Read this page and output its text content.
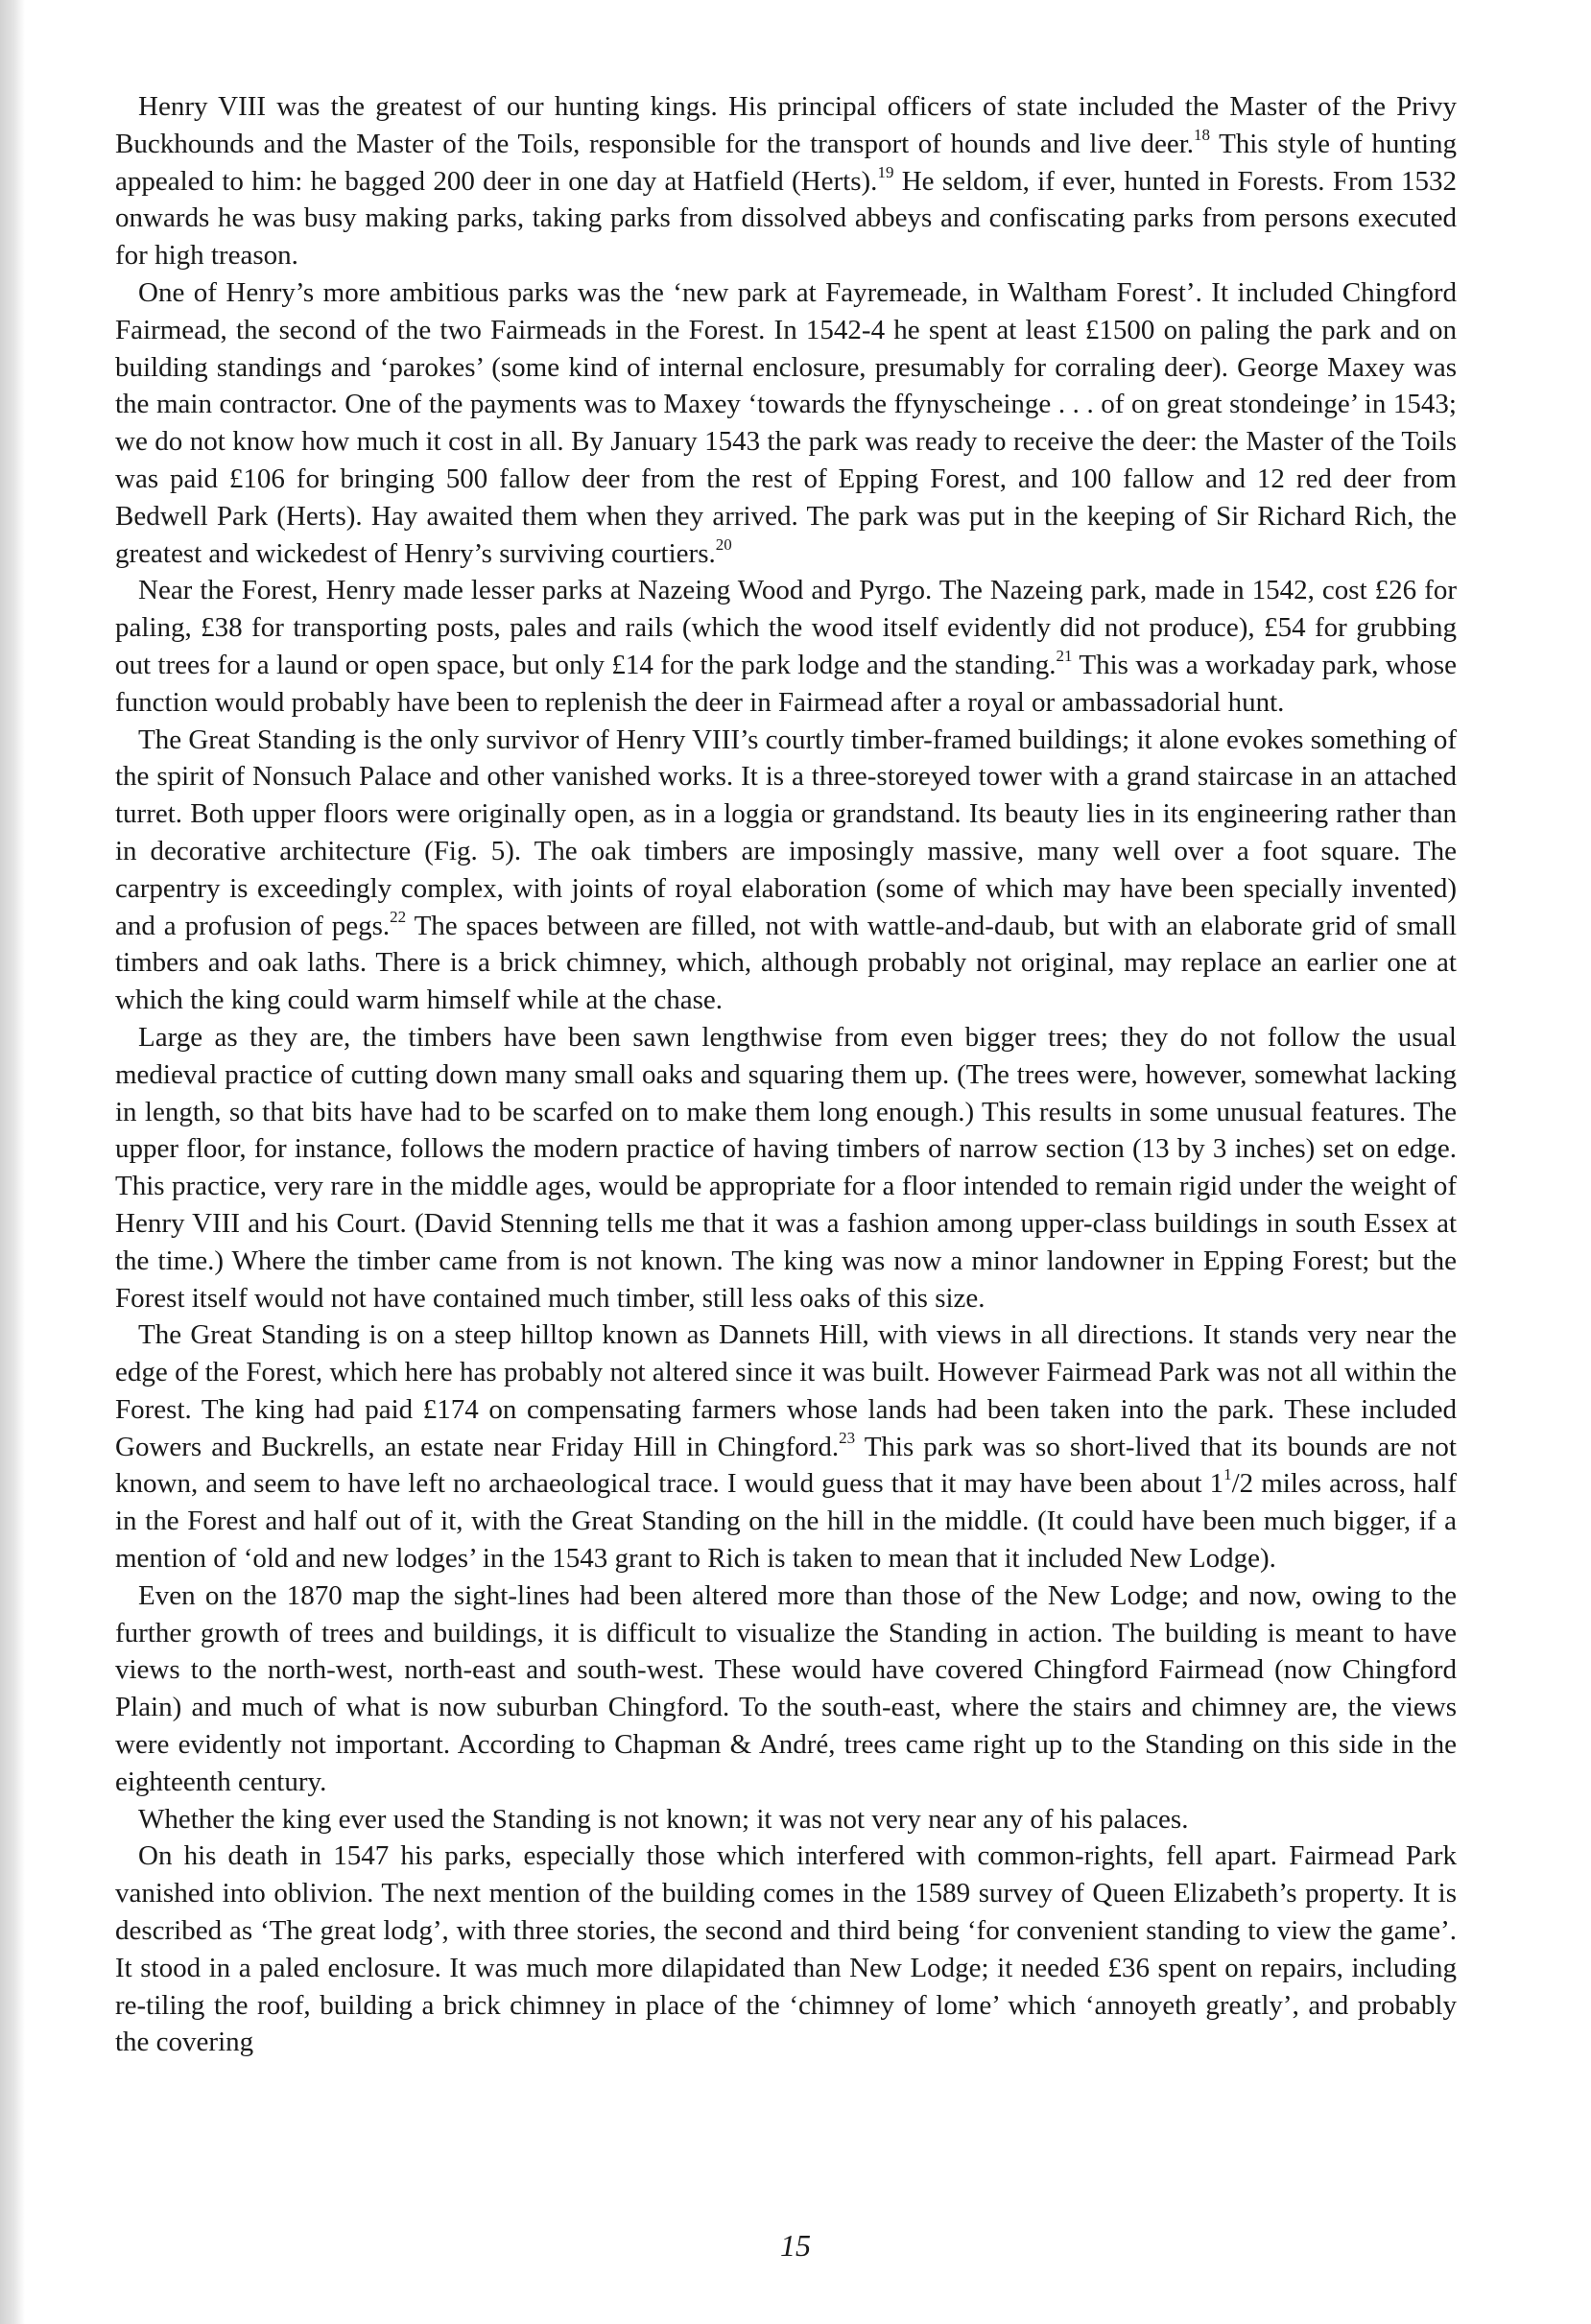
Henry VIII was the greatest of our hunting kings. His principal officers of state included the Master of the Privy Buckhounds and the Master of the Toils, responsible for the transport of hounds and live deer.$^{18}$ This style of hunting appealed to him: he bagged 200 deer in one day at Hatfield (Herts).$^{19}$ He seldom, if ever, hunted in Forests. From 1532 onwards he was busy making parks, taking parks from dissolved abbeys and confiscating parks from persons executed for high treason.

One of Henry’s more ambitious parks was the ‘new park at Fayremeade, in Waltham Forest’. It included Chingford Fairmead, the second of the two Fairmeads in the Forest. In 1542-4 he spent at least £1500 on paling the park and on building standings and ‘parokes’ (some kind of internal enclosure, presumably for corraling deer). George Maxey was the main contractor. One of the payments was to Maxey ‘towards the ffynyscheinge . . . of on great stondeinge’ in 1543; we do not know how much it cost in all. By January 1543 the park was ready to receive the deer: the Master of the Toils was paid £106 for bringing 500 fallow deer from the rest of Epping Forest, and 100 fallow and 12 red deer from Bedwell Park (Herts). Hay awaited them when they arrived. The park was put in the keeping of Sir Richard Rich, the greatest and wickedest of Henry’s surviving courtiers.$^{20}$

Near the Forest, Henry made lesser parks at Nazeing Wood and Pyrgo. The Nazeing park, made in 1542, cost £26 for paling, £38 for transporting posts, pales and rails (which the wood itself evidently did not produce), £54 for grubbing out trees for a laund or open space, but only £14 for the park lodge and the standing.$^{21}$ This was a workaday park, whose function would probably have been to replenish the deer in Fairmead after a royal or ambassadorial hunt.

The Great Standing is the only survivor of Henry VIII’s courtly timber-framed buildings; it alone evokes something of the spirit of Nonsuch Palace and other vanished works. It is a three-storeyed tower with a grand staircase in an attached turret. Both upper floors were originally open, as in a loggia or grandstand. Its beauty lies in its engineering rather than in decorative architecture (Fig. 5). The oak timbers are imposingly massive, many well over a foot square. The carpentry is exceedingly complex, with joints of royal elaboration (some of which may have been specially invented) and a profusion of pegs.$^{22}$ The spaces between are filled, not with wattle-and-daub, but with an elaborate grid of small timbers and oak laths. There is a brick chimney, which, although probably not original, may replace an earlier one at which the king could warm himself while at the chase.

Large as they are, the timbers have been sawn lengthwise from even bigger trees; they do not follow the usual medieval practice of cutting down many small oaks and squaring them up. (The trees were, however, somewhat lacking in length, so that bits have had to be scarfed on to make them long enough.) This results in some unusual features. The upper floor, for instance, follows the modern practice of having timbers of narrow section (13 by 3 inches) set on edge. This practice, very rare in the middle ages, would be appropriate for a floor intended to remain rigid under the weight of Henry VIII and his Court. (David Stenning tells me that it was a fashion among upper-class buildings in south Essex at the time.) Where the timber came from is not known. The king was now a minor landowner in Epping Forest; but the Forest itself would not have contained much timber, still less oaks of this size.

The Great Standing is on a steep hilltop known as Dannets Hill, with views in all directions. It stands very near the edge of the Forest, which here has probably not altered since it was built. However Fairmead Park was not all within the Forest. The king had paid £174 on compensating farmers whose lands had been taken into the park. These included Gowers and Buckrells, an estate near Friday Hill in Chingford.$^{23}$ This park was so short-lived that its bounds are not known, and seem to have left no archaeological trace. I would guess that it may have been about $1^1/2$ miles across, half in the Forest and half out of it, with the Great Standing on the hill in the middle. (It could have been much bigger, if a mention of ‘old and new lodges’ in the 1543 grant to Rich is taken to mean that it included New Lodge).

Even on the 1870 map the sight-lines had been altered more than those of the New Lodge; and now, owing to the further growth of trees and buildings, it is difficult to visualize the Standing in action. The building is meant to have views to the north-west, north-east and south-west. These would have covered Chingford Fairmead (now Chingford Plain) and much of what is now suburban Chingford. To the south-east, where the stairs and chimney are, the views were evidently not important. According to Chapman & André, trees came right up to the Standing on this side in the eighteenth century.

Whether the king ever used the Standing is not known; it was not very near any of his palaces.

On his death in 1547 his parks, especially those which interfered with common-rights, fell apart. Fairmead Park vanished into oblivion. The next mention of the building comes in the 1589 survey of Queen Elizabeth’s property. It is described as ‘The great lodg’, with three stories, the second and third being ‘for convenient standing to view the game’. It stood in a paled enclosure. It was much more dilapidated than New Lodge; it needed £36 spent on repairs, including re-tiling the roof, building a brick chimney in place of the ‘chimney of lome’ which ‘annoyeth greatly’, and probably the covering

15
